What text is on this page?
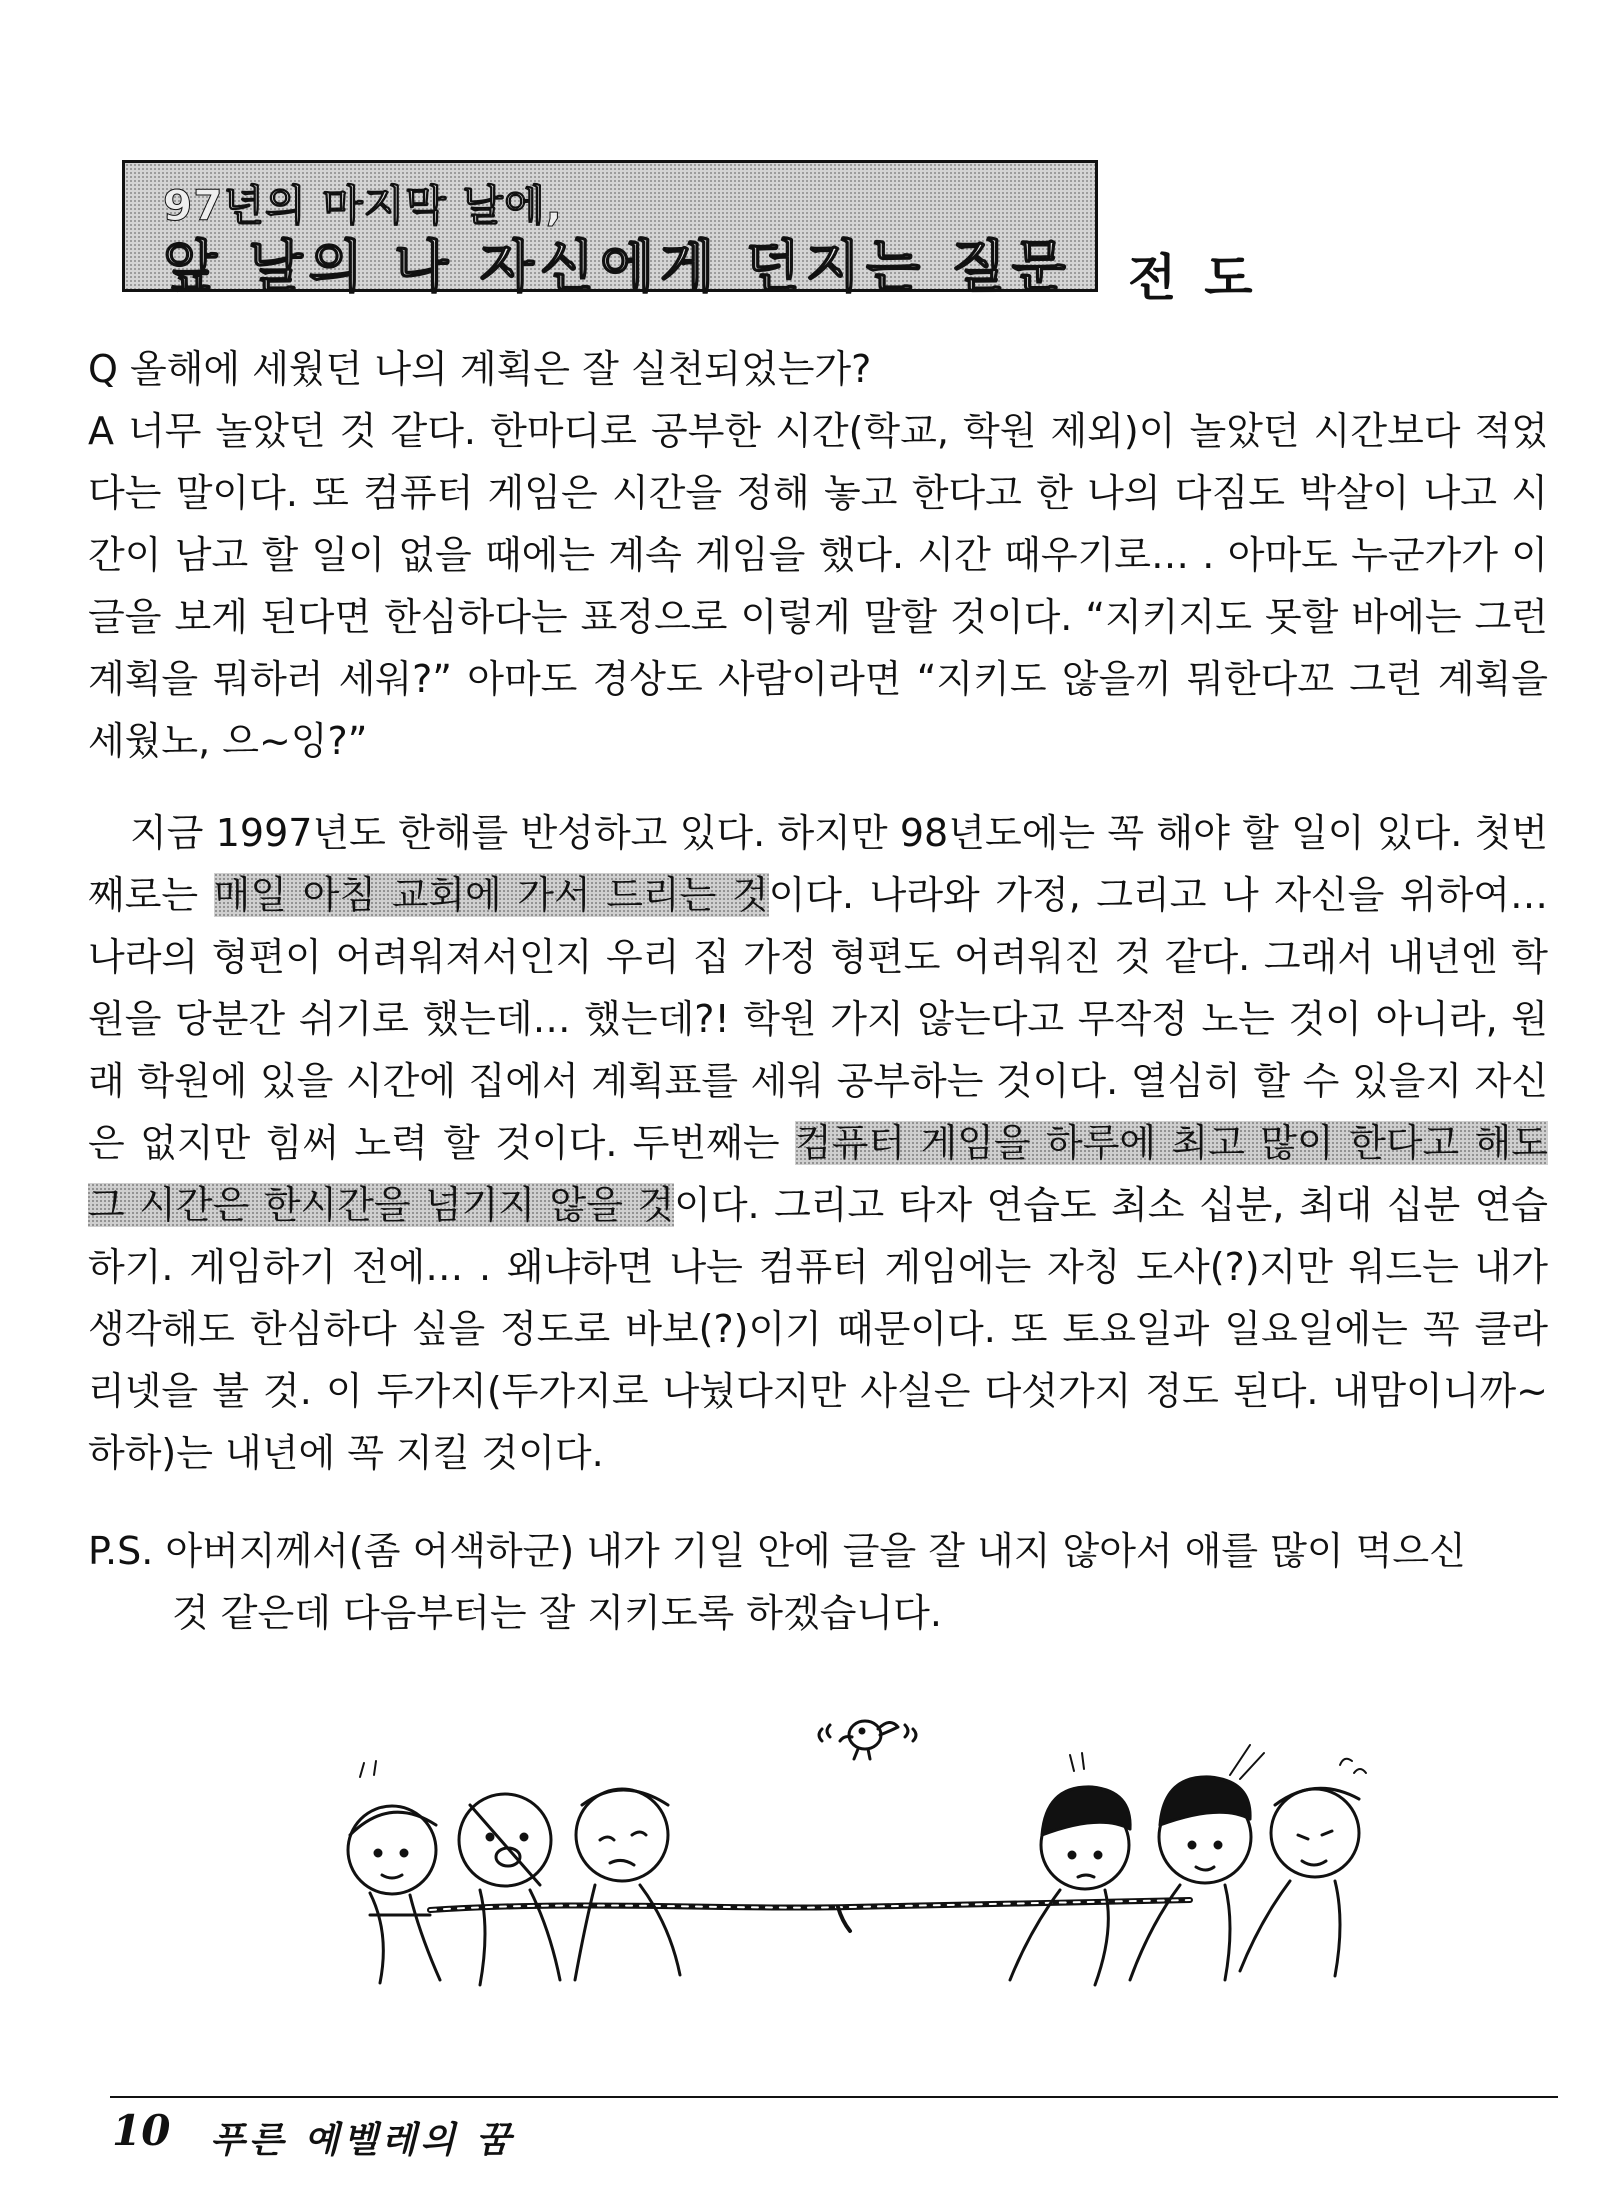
97년의 마지막 날에,
앞 날의 나 자신에게 던지는 질문 전도

Q 올해에 세웠던 나의 계획은 잘 실천되었는가?

A 너무 놀았던 것 같다. 한마디로 공부한 시간(학교, 학원 제외)이 놀았던 시간보다 적었다는 말이다. 또 컴퓨터 게임은 시간을 정해 놓고 한다고 한 나의 다짐도 박살이 나고 시간이 남고 할 일이 없을 때에는 계속 게임을 했다. 시간 때우기로… . 아마도 누군가가 이 글을 보게 된다면 한심하다는 표정으로 이렇게 말할 것이다. “지키지도 못할 바에는 그런 계획을 뭐하러 세워?” 아마도 경상도 사람이라면 “지키도 않을끼 뭐한다꼬 그런 계획을 세웠노, 으~잉?”

지금 1997년도 한해를 반성하고 있다. 하지만 98년도에는 꼭 해야 할 일이 있다. 첫번째로는 매일 아침 교회에 가서 드리는 것이다. 나라와 가정, 그리고 나 자신을 위하여… 나라의 형편이 어려워져서인지 우리 집 가정 형편도 어려워진 것 같다. 그래서 내년엔 학원을 당분간 쉬기로 했는데… 했는데?! 학원 가지 않는다고 무작정 노는 것이 아니라, 원래 학원에 있을 시간에 집에서 계획표를 세워 공부하는 것이다. 열심히 할 수 있을지 자신은 없지만 힘써 노력 할 것이다. 두번째는 컴퓨터 게임을 하루에 최고 많이 한다고 해도 그 시간은 한시간을 넘기지 않을 것이다. 그리고 타자 연습도 최소 십분, 최대 십분 연습하기. 게임하기 전에… . 왜냐하면 나는 컴퓨터 게임에는 자칭 도사(?)지만 워드는 내가 생각해도 한심하다 싶을 정도로 바보(?)이기 때문이다. 또 토요일과 일요일에는 꼭 클라리넷을 불 것. 이 두가지(두가지로 나눴다지만 사실은 다섯가지 정도 된다. 내맘이니까~ 하하)는 내년에 꼭 지킬 것이다.
P.S. 아버지께서(좀 어색하군) 내가 기일 안에 글을 잘 내지 않아서 애를 많이 먹으신
것 같은데 다음부터는 잘 지키도록 하겠습니다.
10 푸른 예벨레의 꿈
